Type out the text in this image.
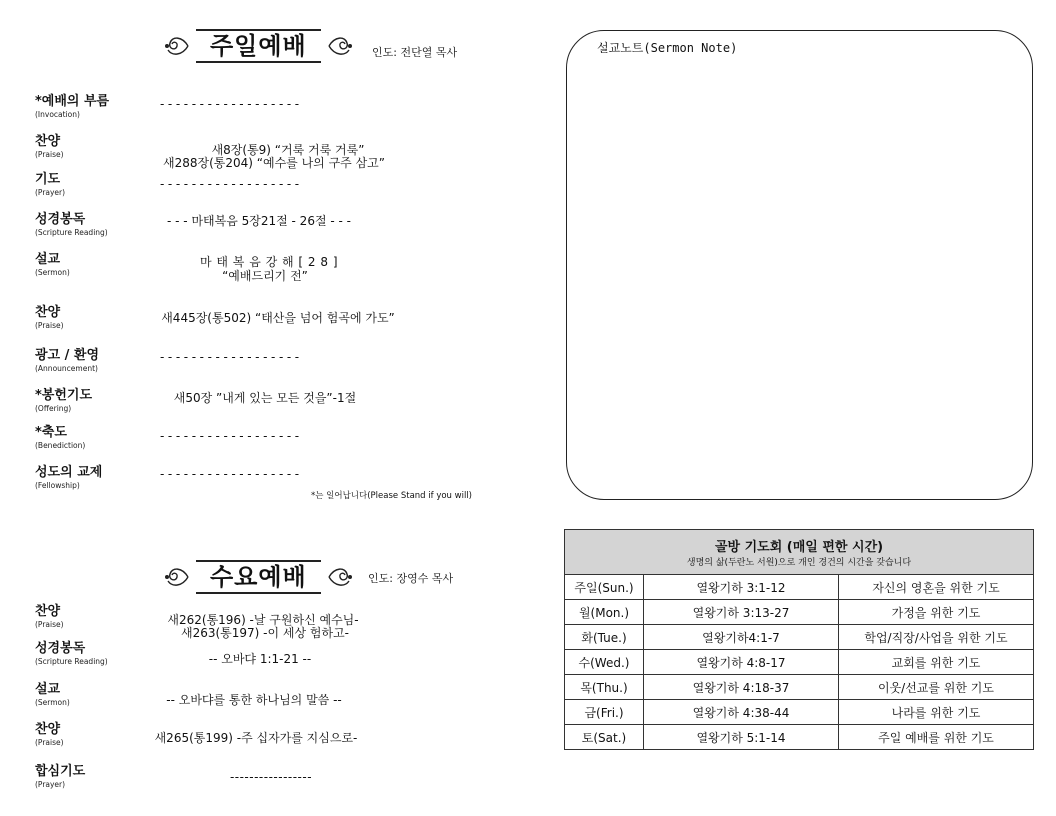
주일예배	인도: 전단열 목사
*예배의 부름
(Invocation)
------------------
찬양
(Praise)	새8장(통9) “거룩 거룩 거룩”
새288장(통204) “예수를 나의 구주 삼고”
기도
(Prayer)
------------------
성경봉독
(Scripture Reading)
- - - 마태복음 5장21절 - 26절 - - -
설교
(Sermon)
마 태 복 음 강 해 [ 2 8 ]
“예배드리기 전”
찬양
(Praise)
새445장(통502) “태산을 넘어 험곡에 가도”
광고 / 환영
(Announcement)
------------------
*봉헌기도
(Offering)
새50장 ”내게 있는 모든 것을”-1절
*축도
(Benediction)
------------------
성도의 교제
(Fellowship)
------------------
*는 일어납니다(Please Stand if you will)
수요예배	인도: 장영수 목사
찬양
(Praise)	새262(통196) -날 구원하신 예수님-
새263(통197) -이 세상 험하고-
성경봉독
(Scripture Reading)	-- 오바댜 1:1-21 --
설교
(Sermon)	-- 오바댜를 통한 하나님의 말씀 --
찬양
(Praise)	새265(통199) -주 십자가를 지심으로-
합심기도
(Prayer)
-----------------
설교노트(Sermon Note)
골방 기도회 (매일 편한 시간)
생명의 삶(두란노 서원)으로 개인 경건의 시간을 갖습니다		

주일(Sun.)	열왕기하 3:1-12	자신의 영혼을 위한 기도
월(Mon.)	열왕기하 3:13-27	가정을 위한 기도
화(Tue.)	열왕기하4:1-7	학업/직장/사업을 위한 기도
수(Wed.)	열왕기하 4:8-17	교회를 위한 기도
목(Thu.)	열왕기하 4:18-37	이웃/선교를 위한 기도
금(Fri.)	열왕기하 4:38-44	나라를 위한 기도
토(Sat.)	열왕기하 5:1-14	주일 예배를 위한 기도
